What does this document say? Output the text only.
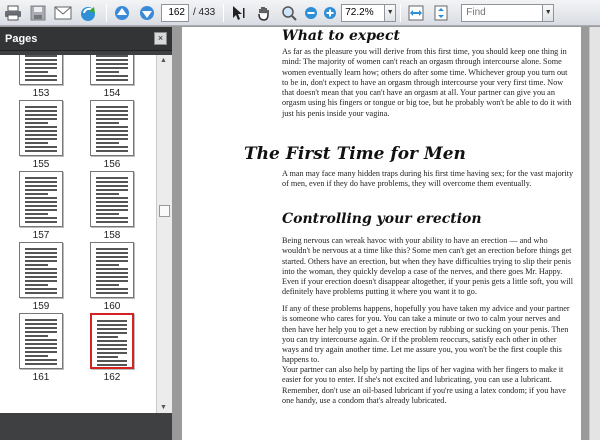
162
/ 433
72.2%	▼
Find	▼
Pages	×
153	154
155	156
157	158
159	160
161	162
▲
▼
What to expect
As far as the pleasure you will derive from this first time, you should keep one thing in mind: The majority of women can't reach an orgasm through intercourse alone. Some women eventually learn how; others do after some time. Whichever group you turn out to be in, don't expect to have an orgasm through intercourse your very first time. Now that doesn't mean that you can't have an orgasm at all. Your partner can give you an orgasm using his fingers or tongue or big toe, but he probably won't be able to do it with just his penis inside your vagina.
The First Time for Men
A man may face many hidden traps during his first time having sex; for the vast majority of men, even if they do have problems, they will overcome them eventually.
Controlling your erection
Being nervous can wreak havoc with your ability to have an erection — and who wouldn't be nervous at a time like this? Some men can't get an erection before things get started. Others have an erection, but when they have difficulties trying to slip their penis into the woman, they quickly develop a case of the nerves, and there goes Mr. Happy. Even if your erection doesn't disappear altogether, if your penis gets a little soft, you will definitely have problems putting it where you want it to go.
If any of these problems happens, hopefully you have taken my advice and your partner is someone who cares for you. You can take a minute or two to calm your nerves and then have her help you to get a new erection by rubbing or sucking on your penis. Then you can try intercourse again. Or if the problem reoccurs, satisfy each other in other ways and try again another time. Let me assure you, you won't be the first couple this happens to.
Your partner can also help by parting the lips of her vagina with her fingers to make it easier for you to enter. If she's not excited and lubricating, you can use a lubricant. Remember, don't use an oil-based lubricant if you're using a latex condom; if you have one handy, use a condom that's already lubricated.
